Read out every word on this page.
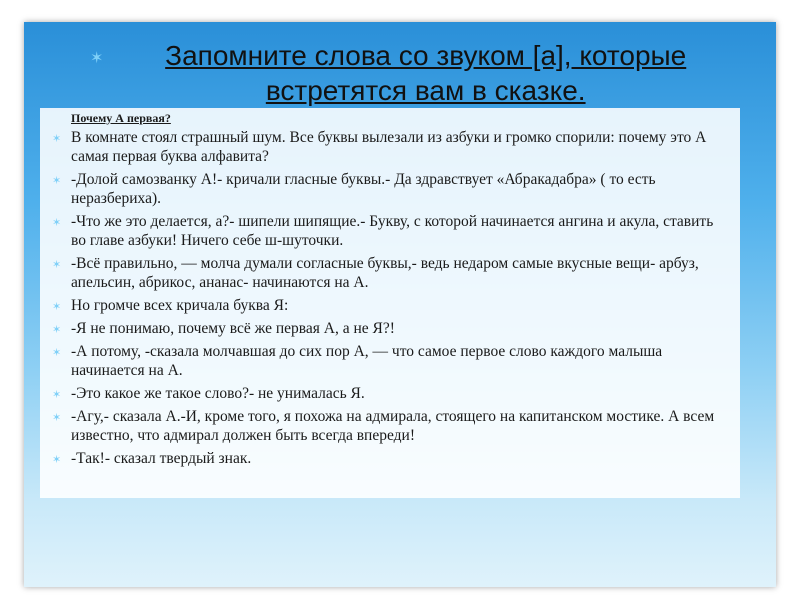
✶	Запомните слова со звуком [а], которые встретятся вам в сказке.
Почему А первая?
✶ В комнате стоял страшный шум. Все буквы вылезали из азбуки и громко спорили: почему это А самая первая буква алфавита?
✶ -Долой самозванку А!- кричали гласные буквы.- Да здравствует «Абракадабра» ( то есть неразбериха).
✶ -Что же это делается, а?- шипели шипящие.- Букву, с которой начинается ангина и акула, ставить во главе азбуки! Ничего себе ш-шуточки.
✶ -Всё правильно, — молча думали согласные буквы,- ведь недаром самые вкусные вещи- арбуз, апельсин, абрикос, ананас- начинаются на А.
✶ Но громче всех кричала буква Я:
✶ -Я не понимаю, почему всё же первая А, а не Я?!
✶ -А потому, -сказала молчавшая до сих пор А, — что самое первое слово каждого малыша начинается на А.
✶ -Это какое же такое слово?- не унималась Я.
✶ -Агу,- сказала А.-И, кроме того, я похожа на адмирала, стоящего на капитанском мостике. А всем известно, что адмирал должен быть всегда впереди!
✶ -Так!- сказал твердый знак.
